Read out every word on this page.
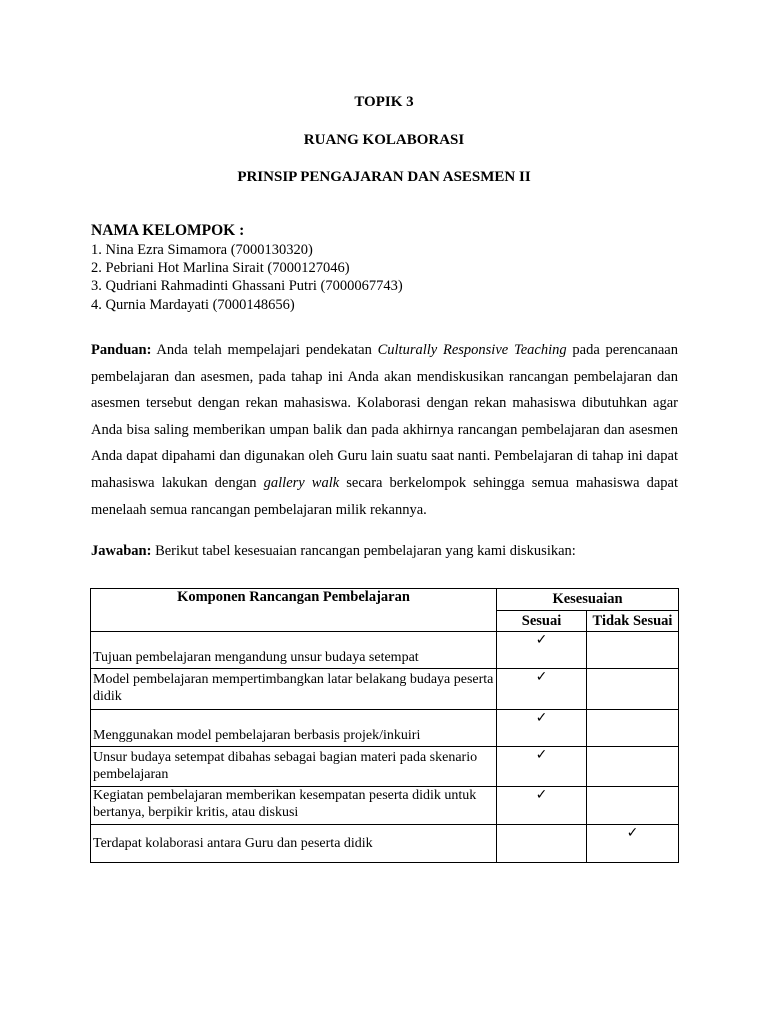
TOPIK 3
RUANG KOLABORASI
PRINSIP PENGAJARAN DAN ASESMEN II
NAMA KELOMPOK :
1. Nina Ezra Simamora (7000130320)
2. Pebriani Hot Marlina Sirait (7000127046)
3. Qudriani Rahmadinti Ghassani Putri (7000067743)
4. Qurnia Mardayati (7000148656)
Panduan: Anda telah mempelajari pendekatan Culturally Responsive Teaching pada perencanaan pembelajaran dan asesmen, pada tahap ini Anda akan mendiskusikan rancangan pembelajaran dan asesmen tersebut dengan rekan mahasiswa. Kolaborasi dengan rekan mahasiswa dibutuhkan agar Anda bisa saling memberikan umpan balik dan pada akhirnya rancangan pembelajaran dan asesmen Anda dapat dipahami dan digunakan oleh Guru lain suatu saat nanti. Pembelajaran di tahap ini dapat mahasiswa lakukan dengan gallery walk secara berkelompok sehingga semua mahasiswa dapat menelaah semua rancangan pembelajaran milik rekannya.
Jawaban: Berikut tabel kesesuaian rancangan pembelajaran yang kami diskusikan:
Komponen Rancangan Pembelajaran	Kesesuaian	
	Sesuai	Tidak Sesuai
Tujuan pembelajaran mengandung unsur budaya setempat	✓	
Model pembelajaran mempertimbangkan latar belakang budaya peserta didik	✓	
Menggunakan model pembelajaran berbasis projek/inkuiri	✓	
Unsur budaya setempat dibahas sebagai bagian materi pada skenario pembelajaran	✓	
Kegiatan pembelajaran memberikan kesempatan peserta didik untuk bertanya, berpikir kritis, atau diskusi	✓	
Terdapat kolaborasi antara Guru dan peserta didik		✓
